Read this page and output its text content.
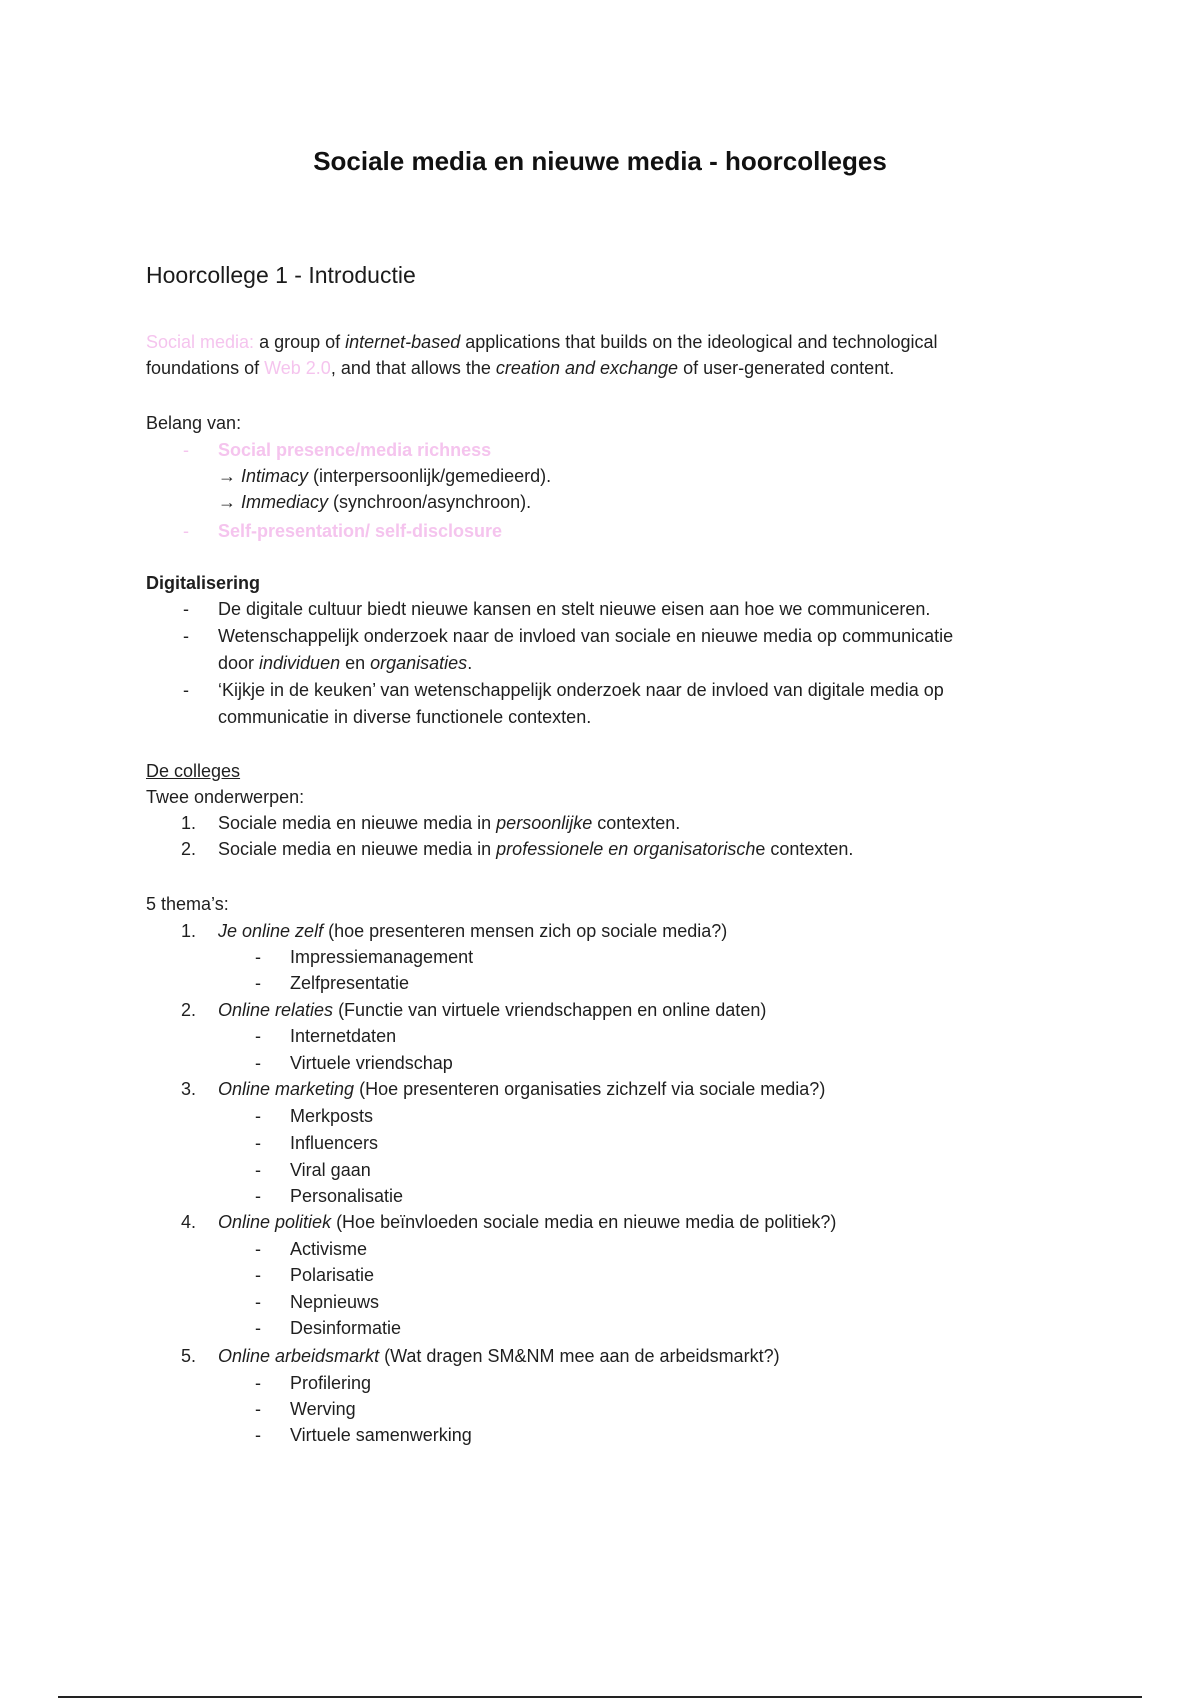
Sociale media en nieuwe media - hoorcolleges
Hoorcollege 1 - Introductie
Social media: a group of internet-based applications that builds on the ideological and technological
foundations of Web 2.0, and that allows the creation and exchange of user-generated content.
Belang van:
- Social presence/media richness
→ Intimacy (interpersoonlijk/gemedieerd).
→ Immediacy (synchroon/asynchroon).
- Self-presentation/ self-disclosure
Digitalisering
- De digitale cultuur biedt nieuwe kansen en stelt nieuwe eisen aan hoe we communiceren.
- Wetenschappelijk onderzoek naar de invloed van sociale en nieuwe media op communicatie
door individuen en organisaties.
- ‘Kijkje in de keuken’ van wetenschappelijk onderzoek naar de invloed van digitale media op
communicatie in diverse functionele contexten.
De colleges
Twee onderwerpen:
1. Sociale media en nieuwe media in persoonlijke contexten.
2. Sociale media en nieuwe media in professionele en organisatorische contexten.
5 thema’s:
1. Je online zelf (hoe presenteren mensen zich op sociale media?)
- Impressiemanagement
- Zelfpresentatie
2. Online relaties (Functie van virtuele vriendschappen en online daten)
- Internetdaten
- Virtuele vriendschap
3. Online marketing (Hoe presenteren organisaties zichzelf via sociale media?)
- Merkposts
- Influencers
- Viral gaan
- Personalisatie
4. Online politiek (Hoe beïnvloeden sociale media en nieuwe media de politiek?)
- Activisme
- Polarisatie
- Nepnieuws
- Desinformatie
5. Online arbeidsmarkt (Wat dragen SM&NM mee aan de arbeidsmarkt?)
- Profilering
- Werving
- Virtuele samenwerking
